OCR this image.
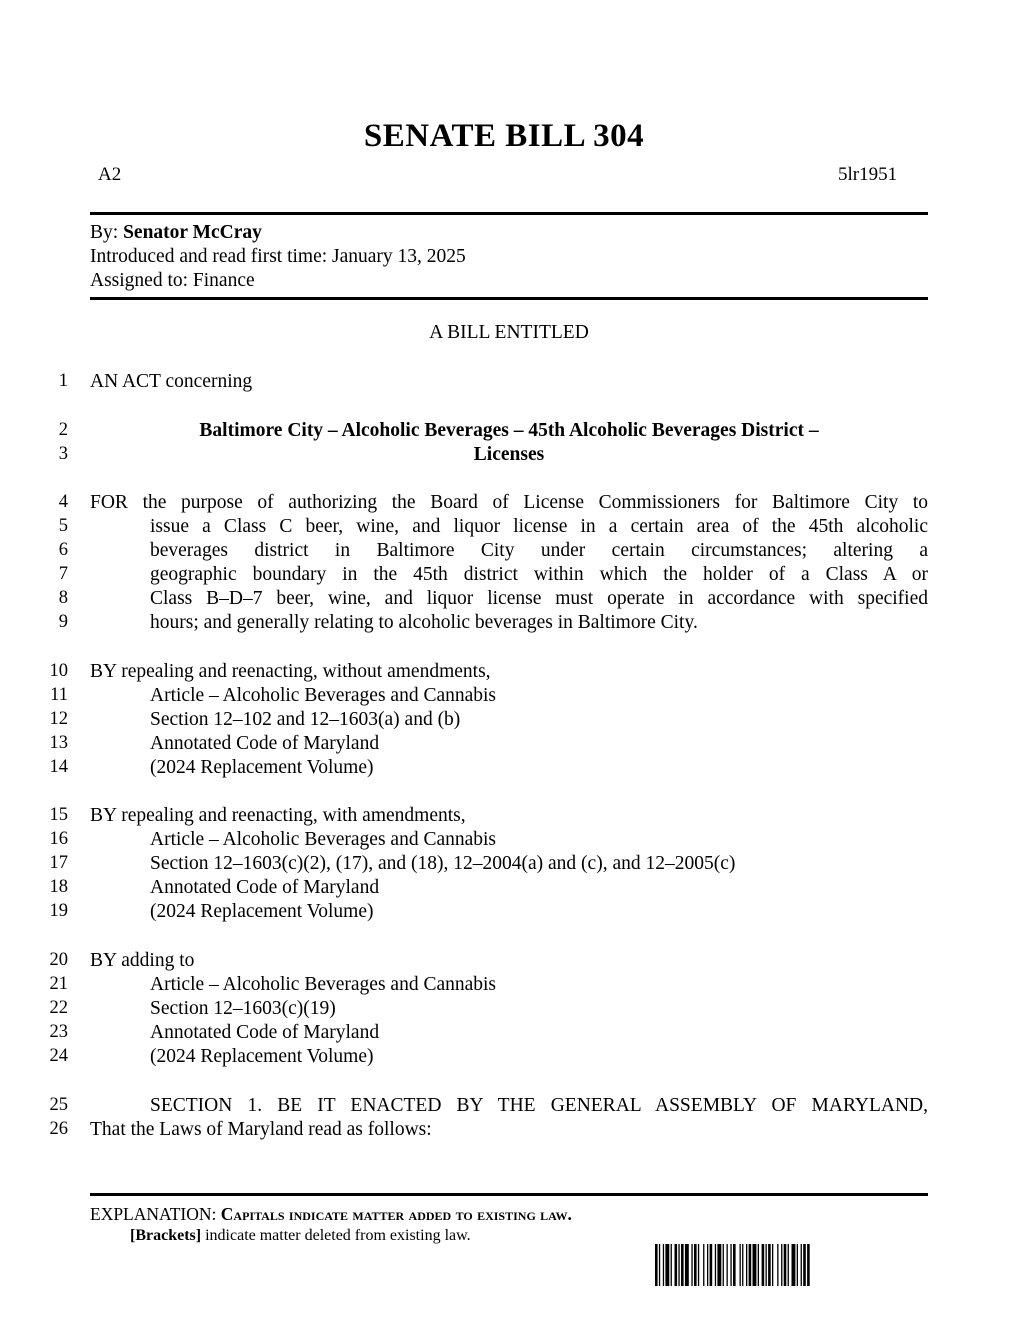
SENATE BILL 304
A2	5lr1951
By: Senator McCray
Introduced and read first time: January 13, 2025
Assigned to: Finance
A BILL ENTITLED
1 AN ACT concerning
2	Baltimore City – Alcoholic Beverages – 45th Alcoholic Beverages District –
3	Licenses
4 FOR the purpose of authorizing the Board of License Commissioners for Baltimore City to
5	issue a Class C beer, wine, and liquor license in a certain area of the 45th alcoholic
6	beverages district in Baltimore City under certain circumstances; altering a
7	geographic boundary in the 45th district within which the holder of a Class A or
8	Class B–D–7 beer, wine, and liquor license must operate in accordance with specified
9	hours; and generally relating to alcoholic beverages in Baltimore City.
10 BY repealing and reenacting, without amendments,
11	Article – Alcoholic Beverages and Cannabis
12	Section 12–102 and 12–1603(a) and (b)
13	Annotated Code of Maryland
14	(2024 Replacement Volume)
15 BY repealing and reenacting, with amendments,
16	Article – Alcoholic Beverages and Cannabis
17	Section 12–1603(c)(2), (17), and (18), 12–2004(a) and (c), and 12–2005(c)
18	Annotated Code of Maryland
19	(2024 Replacement Volume)
20 BY adding to
21	Article – Alcoholic Beverages and Cannabis
22	Section 12–1603(c)(19)
23	Annotated Code of Maryland
24	(2024 Replacement Volume)
25	SECTION 1. BE IT ENACTED BY THE GENERAL ASSEMBLY OF MARYLAND,
26 That the Laws of Maryland read as follows:
EXPLANATION: Capitals indicate matter added to existing law.
[Brackets] indicate matter deleted from existing law.
